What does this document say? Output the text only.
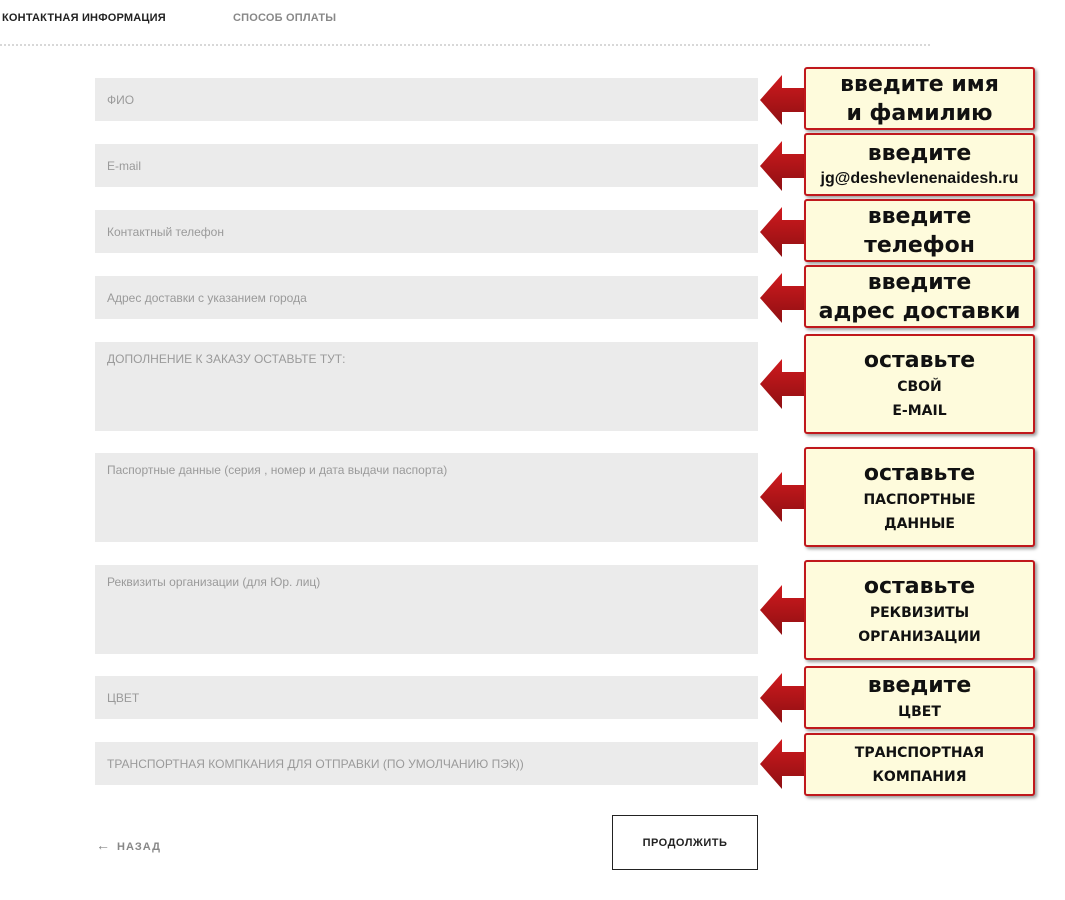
КОНТАКТНАЯ ИНФОРМАЦИЯ	СПОСОБ ОПЛАТЫ
ФИО
E-mail
Контактный телефон
Адрес доставки с указанием города
ДОПОЛНЕНИЕ К ЗАКАЗУ ОСТАВЬТЕ ТУТ:
Паспортные данные (серия , номер и дата выдачи паспорта)
Реквизиты организации (для Юр. лиц)
ЦВЕТ
ТРАНСПОРТНАЯ КОМПКАНИЯ ДЛЯ ОТПРАВКИ (ПО УМОЛЧАНИЮ ПЭК))
введите имя
и фамилию
введите
jg@deshevlenenaidesh.ru
введите
телефон
введите
адрес доставки
оставьте
СВОЙ
E-MAIL
оставьте
ПАСПОРТНЫЕ
ДАННЫЕ
оставьте
РЕКВИЗИТЫ
ОРГАНИЗАЦИИ
введите
ЦВЕТ
ТРАНСПОРТНАЯ
КОМПАНИЯ
← НАЗАД	ПРОДОЛЖИТЬ
